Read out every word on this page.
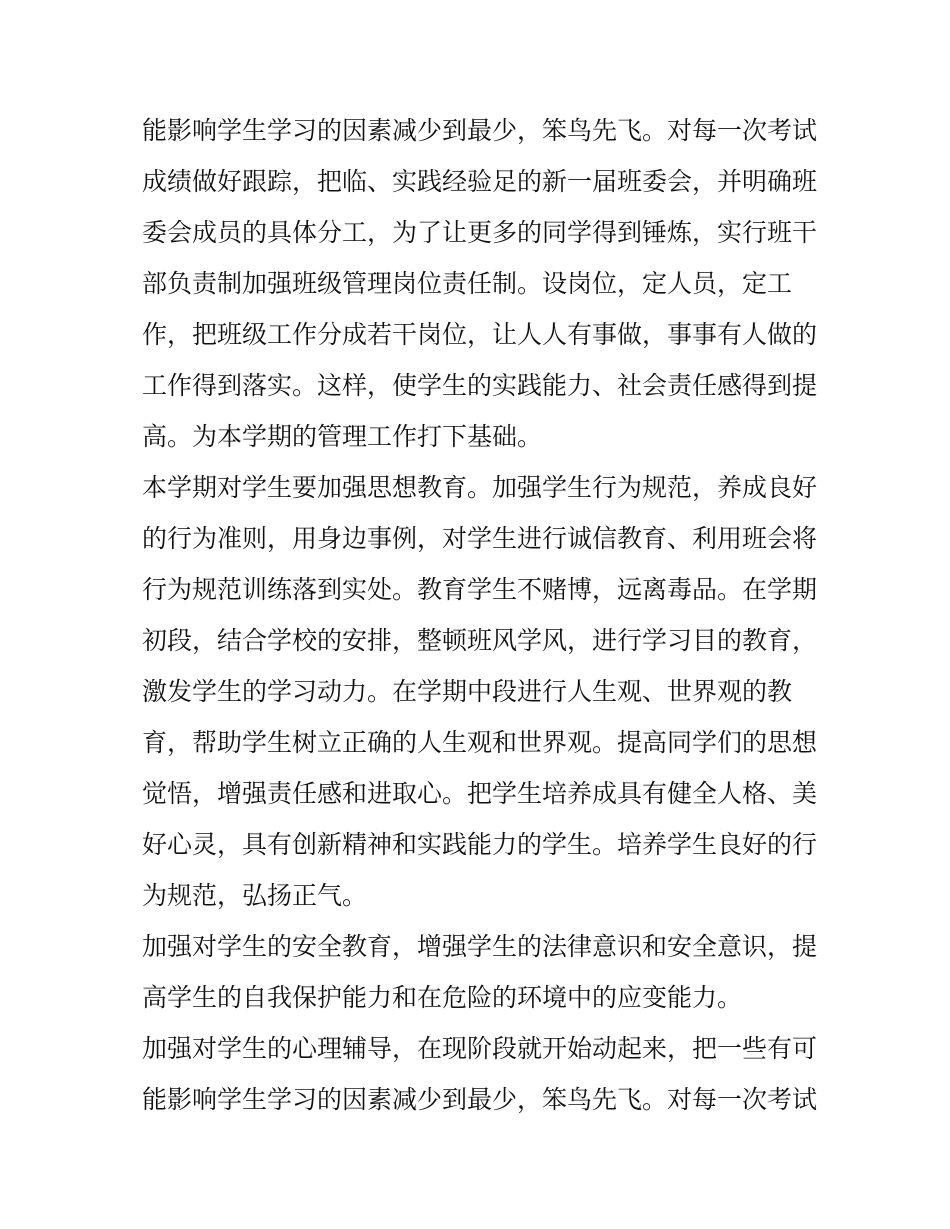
能影响学生学习的因素减少到最少，笨鸟先飞。对每一次考试
成绩做好跟踪，把临、实践经验足的新一届班委会，并明确班
委会成员的具体分工，为了让更多的同学得到锤炼，实行班干
部负责制加强班级管理岗位责任制。设岗位，定人员，定工
作，把班级工作分成若干岗位，让人人有事做，事事有人做的
工作得到落实。这样，使学生的实践能力、社会责任感得到提
高。为本学期的管理工作打下基础。
本学期对学生要加强思想教育。加强学生行为规范，养成良好
的行为准则，用身边事例，对学生进行诚信教育、利用班会将
行为规范训练落到实处。教育学生不赌博，远离毒品。在学期
初段，结合学校的安排，整顿班风学风，进行学习目的教育，
激发学生的学习动力。在学期中段进行人生观、世界观的教
育，帮助学生树立正确的人生观和世界观。提高同学们的思想
觉悟，增强责任感和进取心。把学生培养成具有健全人格、美
好心灵，具有创新精神和实践能力的学生。培养学生良好的行
为规范，弘扬正气。
加强对学生的安全教育，增强学生的法律意识和安全意识，提
高学生的自我保护能力和在危险的环境中的应变能力。
加强对学生的心理辅导，在现阶段就开始动起来，把一些有可
能影响学生学习的因素减少到最少，笨鸟先飞。对每一次考试
